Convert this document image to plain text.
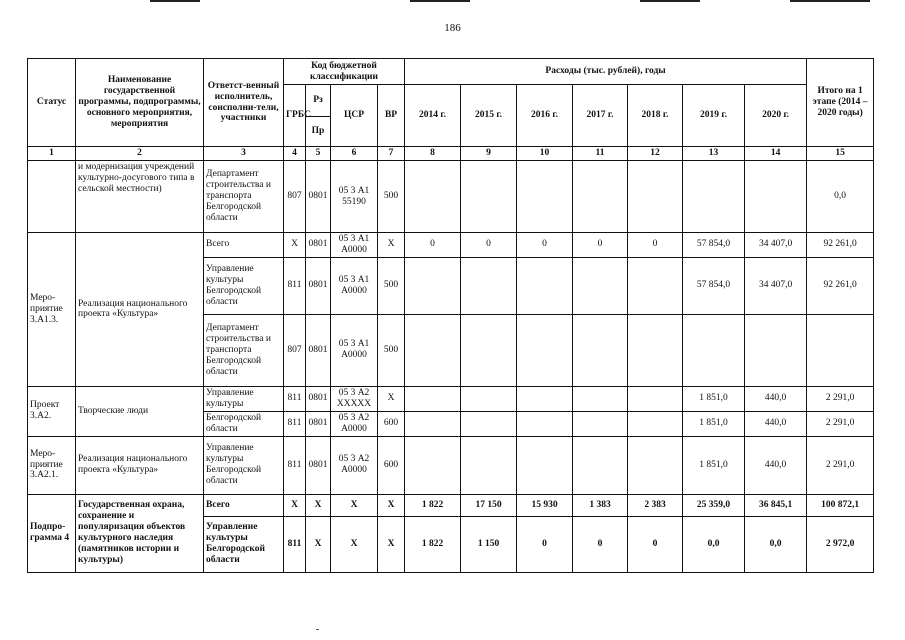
186
Статус	Наименование государственной программы, подпрограммы, основного мероприятия, мероприятия	Ответст-венный исполнитель, соисполни-тели, участники	Код бюджетной классификации				Расходы (тыс. рублей), годы							Итого на 1 этапе (2014 – 2020 годы)
			ГРБС	Рз	ЦСР	ВР	2014 г.	2015 г.	2016 г.	2017 г.	2018 г.	2019 г.	2020 г.	
				Пр										
1	2	3	4	5	6	7	8	9	10	11	12	13	14	15
	и модернизация учреждений культурно-досугового типа в сельской местности)	Департамент строительства и транспорта Белгородской области	807	0801	05 3 А1 55190	500								0,0
Меро-приятие 3.А1.3.	Реализация национального проекта «Культура»	Всего	Х	0801	05 3 А1 А0000	Х	0	0	0	0	0	57 854,0	34 407,0	92 261,0
		Управление культуры Белгородской области	811	0801	05 3 А1 А0000	500						57 854,0	34 407,0	92 261,0
		Департамент строительства и транспорта Белгородской области	807	0801	05 3 А1 А0000	500								
Проект 3.А2.	Творческие люди	Управление культуры	811	0801	05 3 А2 ХХХХХ	Х						1 851,0	440,0	2 291,0
		Белгородской области	811	0801	05 3 А2 А0000	600						1 851,0	440,0	2 291,0
Меро-приятие 3.А2.1.	Реализация национального проекта «Культура»	Управление культуры Белгородской области	811	0801	05 3 А2 А0000	600						1 851,0	440,0	2 291,0
Подпро-грамма 4	Государственная охрана, сохранение и популяризация объектов культурного наследия (памятников истории и культуры)	Всего	Х	Х	Х	Х	1 822	17 150	15 930	1 383	2 383	25 359,0	36 845,1	100 872,1
		Управление культуры Белгородской области	811	Х	Х	Х	1 822	1 150	0	0	0	0,0	0,0	2 972,0
